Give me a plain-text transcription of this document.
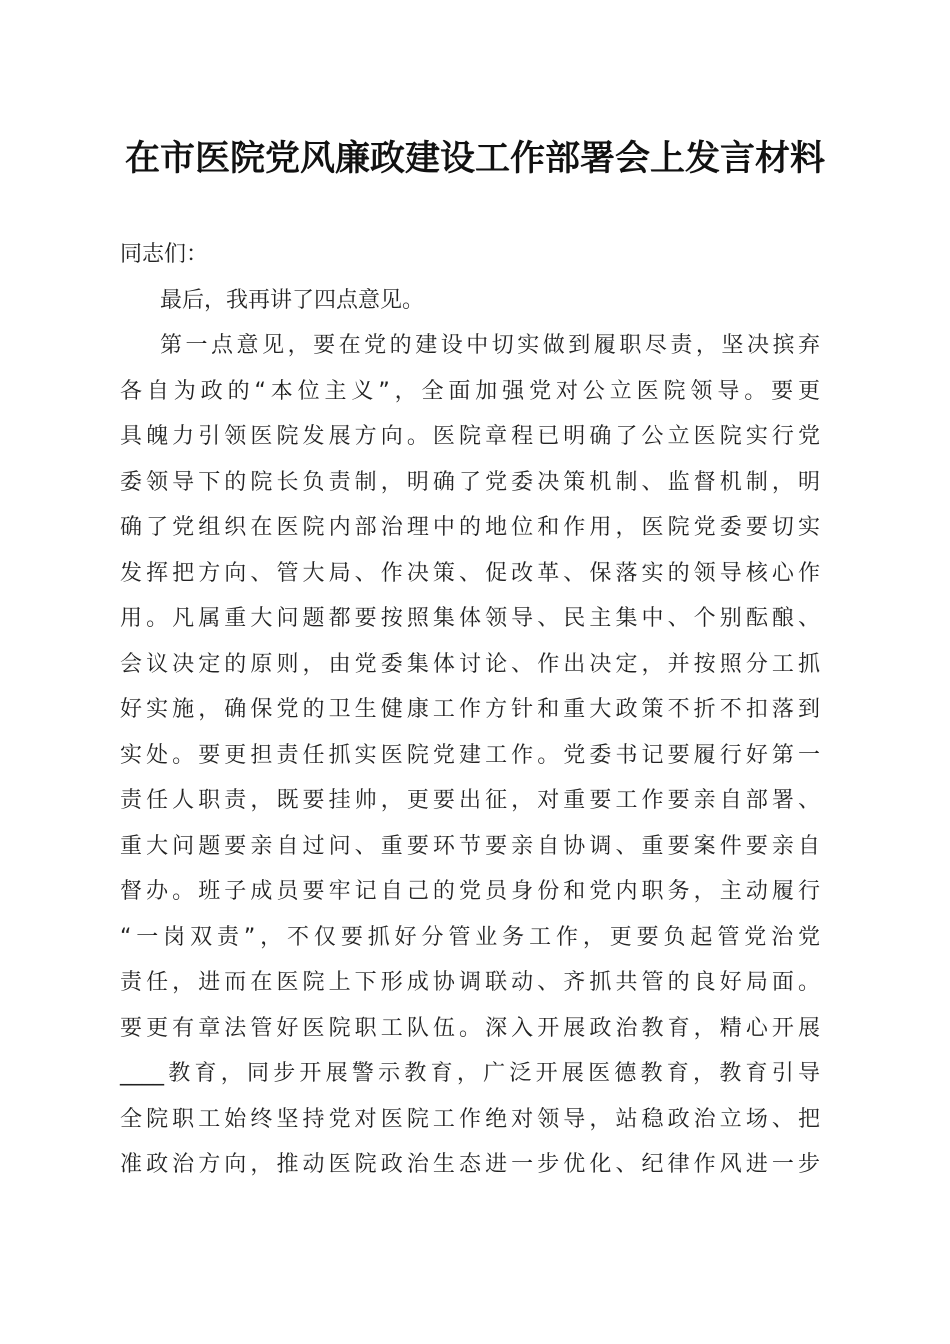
在市医院党风廉政建设工作部署会上发言材料
同志们：
最后，我再讲了四点意见。
第一点意见，要在党的建设中切实做到履职尽责，坚决摈弃
各自为政的“本位主义”，全面加强党对公立医院领导。要更
具魄力引领医院发展方向。医院章程已明确了公立医院实行党
委领导下的院长负责制，明确了党委决策机制、监督机制，明
确了党组织在医院内部治理中的地位和作用，医院党委要切实
发挥把方向、管大局、作决策、促改革、保落实的领导核心作
用。凡属重大问题都要按照集体领导、民主集中、个别酝酿、
会议决定的原则，由党委集体讨论、作出决定，并按照分工抓
好实施，确保党的卫生健康工作方针和重大政策不折不扣落到
实处。要更担责任抓实医院党建工作。党委书记要履行好第一
责任人职责，既要挂帅，更要出征，对重要工作要亲自部署、
重大问题要亲自过问、重要环节要亲自协调、重要案件要亲自
督办。班子成员要牢记自己的党员身份和党内职务，主动履行
“一岗双责”，不仅要抓好分管业务工作，更要负起管党治党
责任，进而在医院上下形成协调联动、齐抓共管的良好局面。
要更有章法管好医院职工队伍。深入开展政治教育，精心开展
____教育，同步开展警示教育，广泛开展医德教育，教育引导
全院职工始终坚持党对医院工作绝对领导，站稳政治立场、把
准政治方向，推动医院政治生态进一步优化、纪律作风进一步
